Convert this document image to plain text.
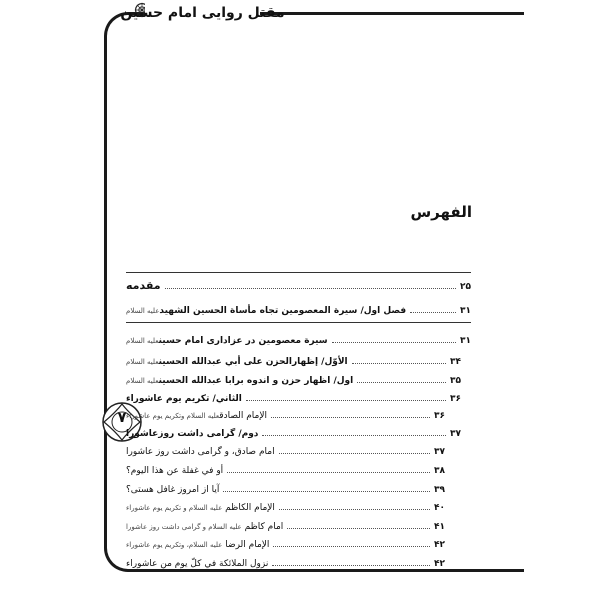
مقتل روایی امام حسین
۷
الفهرس
مقدمه	۲۵
فصل اول/ سيرة المعصومين تجاه مأساة الحسين الشهيدعليه السلام	۳۱
سيرة معصومين در عزاداری امام حسينعليه السلام	۳۱
الأوّل/ إظهارالحزن على أبي عبدالله الحسينعليه السلام	۳۴
اول/ اظهار حزن و اندوه برابا عبدالله الحسينعليه السلام	۳۵
الثاني/ تكريم يوم عاشوراء	۳۶
الإمام الصادقعليه السلام وتكريم يوم عاشوراء	۳۶
دوم/ گرامی داشت روزعاشورا	۳۷
امام صادق، و گرامی داشت روز عاشورا	۳۷
أو في غفلة عن هذا اليوم؟	۳۸
آيا از امروز غافل هستی؟	۳۹
الإمام الكاظم عليه السلام و تكريم يوم عاشوراء	۴۰
امام كاظم عليه السلام و گرامی داشت روز عاشورا	۴۱
الإمام الرضا عليه السلام، وتكريم يوم عاشوراء	۴۲
نزول الملائكة في كلّ يوم من عاشوراء	۴۲
